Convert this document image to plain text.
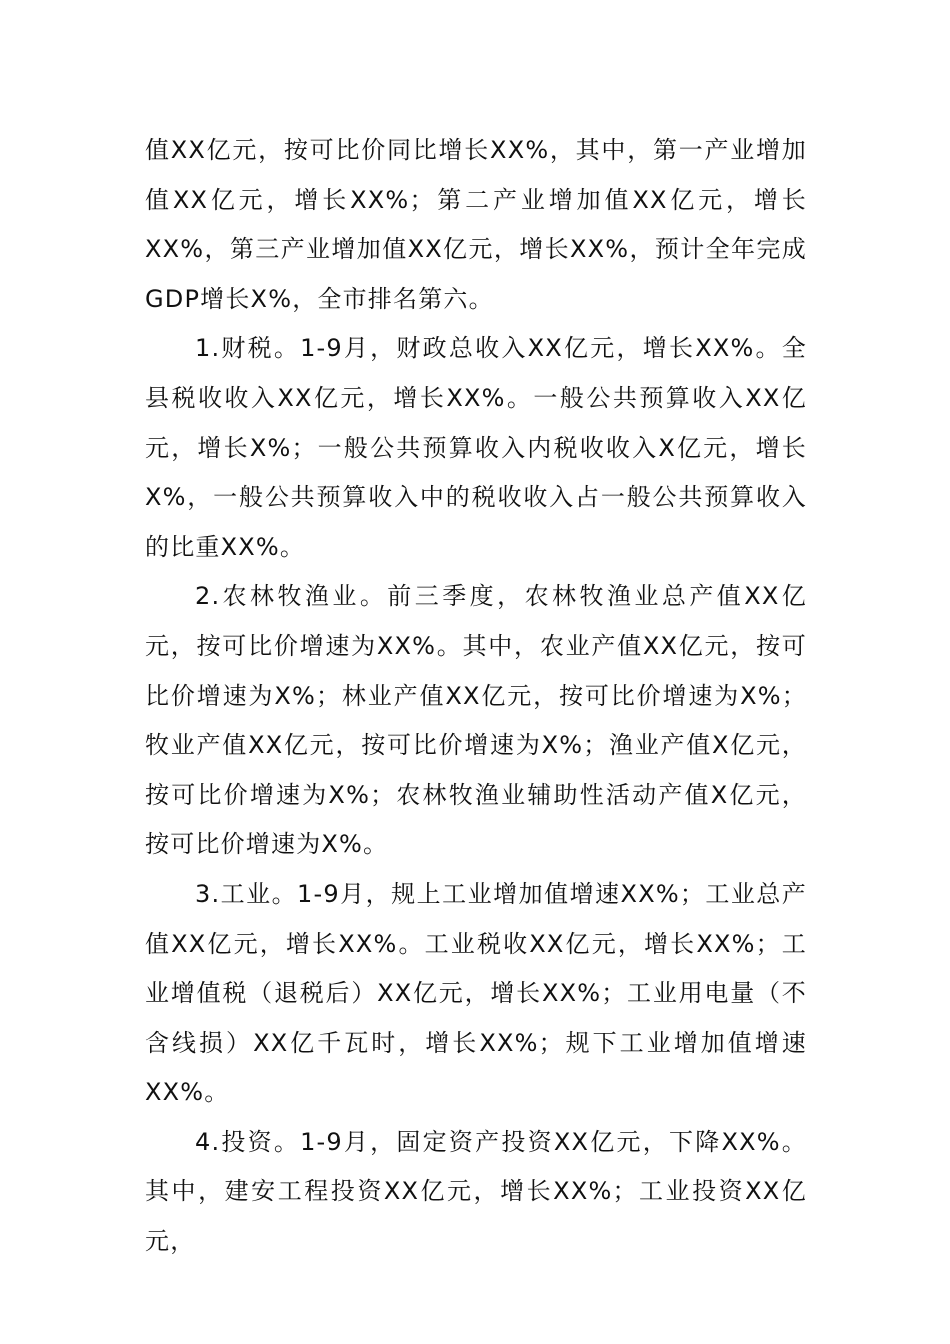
值XX亿元，按可比价同比增长XX%，其中，第一产业增加值XX亿元，增长XX%；第二产业增加值XX亿元，增长XX%，第三产业增加值XX亿元，增长XX%，预计全年完成GDP增长X%，全市排名第六。

1.财税。1-9月，财政总收入XX亿元，增长XX%。全县税收收入XX亿元，增长XX%。一般公共预算收入XX亿元，增长X%；一般公共预算收入内税收收入X亿元，增长X%，一般公共预算收入中的税收收入占一般公共预算收入的比重XX%。

2.农林牧渔业。前三季度，农林牧渔业总产值XX亿元，按可比价增速为XX%。其中，农业产值XX亿元，按可比价增速为X%；林业产值XX亿元，按可比价增速为X%；牧业产值XX亿元，按可比价增速为X%；渔业产值X亿元，按可比价增速为X%；农林牧渔业辅助性活动产值X亿元，按可比价增速为X%。

3.工业。1-9月，规上工业增加值增速XX%；工业总产值XX亿元，增长XX%。工业税收XX亿元，增长XX%；工业增值税（退税后）XX亿元，增长XX%；工业用电量（不含线损）XX亿千瓦时，增长XX%；规下工业增加值增速XX%。

4.投资。1-9月，固定资产投资XX亿元，下降XX%。其中，建安工程投资XX亿元，增长XX%；工业投资XX亿元，
